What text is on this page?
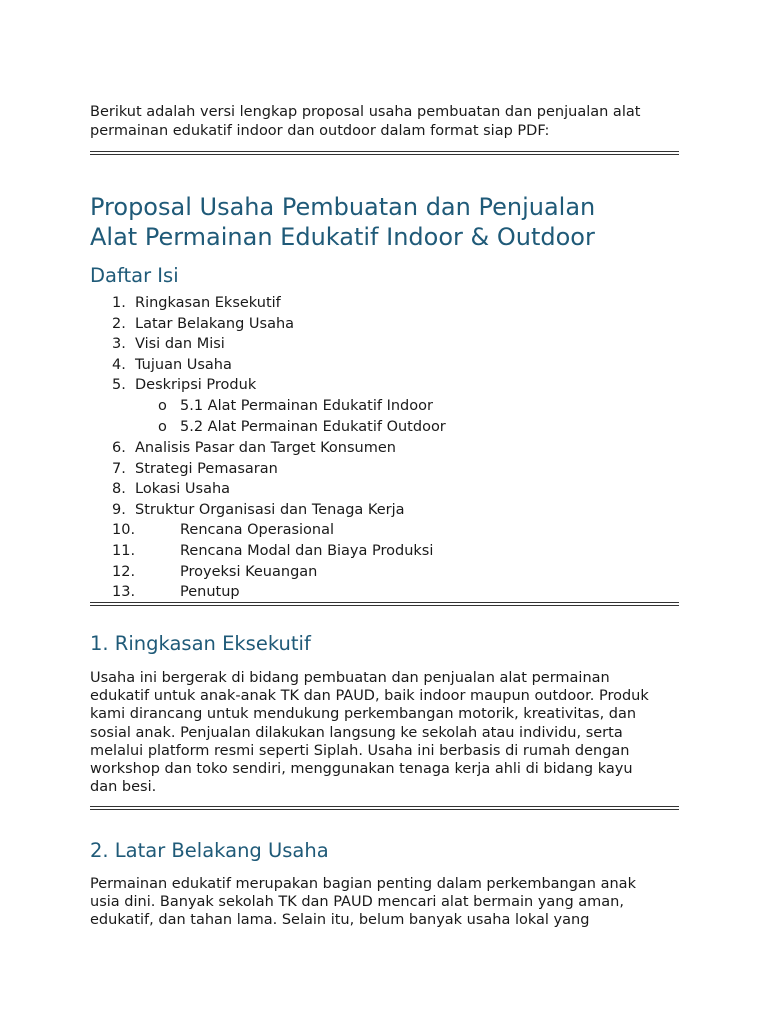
Berikut adalah versi lengkap proposal usaha pembuatan dan penjualan alat
permainan edukatif indoor dan outdoor dalam format siap PDF:

Proposal Usaha Pembuatan dan Penjualan
Alat Permainan Edukatif Indoor & Outdoor
Daftar Isi
1. Ringkasan Eksekutif
2. Latar Belakang Usaha
3. Visi dan Misi
4. Tujuan Usaha
5. Deskripsi Produk
o 5.1 Alat Permainan Edukatif Indoor
o 5.2 Alat Permainan Edukatif Outdoor
6. Analisis Pasar dan Target Konsumen
7. Strategi Pemasaran
8. Lokasi Usaha
9. Struktur Organisasi dan Tenaga Kerja
10.	Rencana Operasional
11.	Rencana Modal dan Biaya Produksi
12.	Proyeksi Keuangan
13.	Penutup
1. Ringkasan Eksekutif

Usaha ini bergerak di bidang pembuatan dan penjualan alat permainan
edukatif untuk anak-anak TK dan PAUD, baik indoor maupun outdoor. Produk
kami dirancang untuk mendukung perkembangan motorik, kreativitas, dan
sosial anak. Penjualan dilakukan langsung ke sekolah atau individu, serta
melalui platform resmi seperti Siplah. Usaha ini berbasis di rumah dengan
workshop dan toko sendiri, menggunakan tenaga kerja ahli di bidang kayu
dan besi.

2. Latar Belakang Usaha

Permainan edukatif merupakan bagian penting dalam perkembangan anak
usia dini. Banyak sekolah TK dan PAUD mencari alat bermain yang aman,
edukatif, dan tahan lama. Selain itu, belum banyak usaha lokal yang
